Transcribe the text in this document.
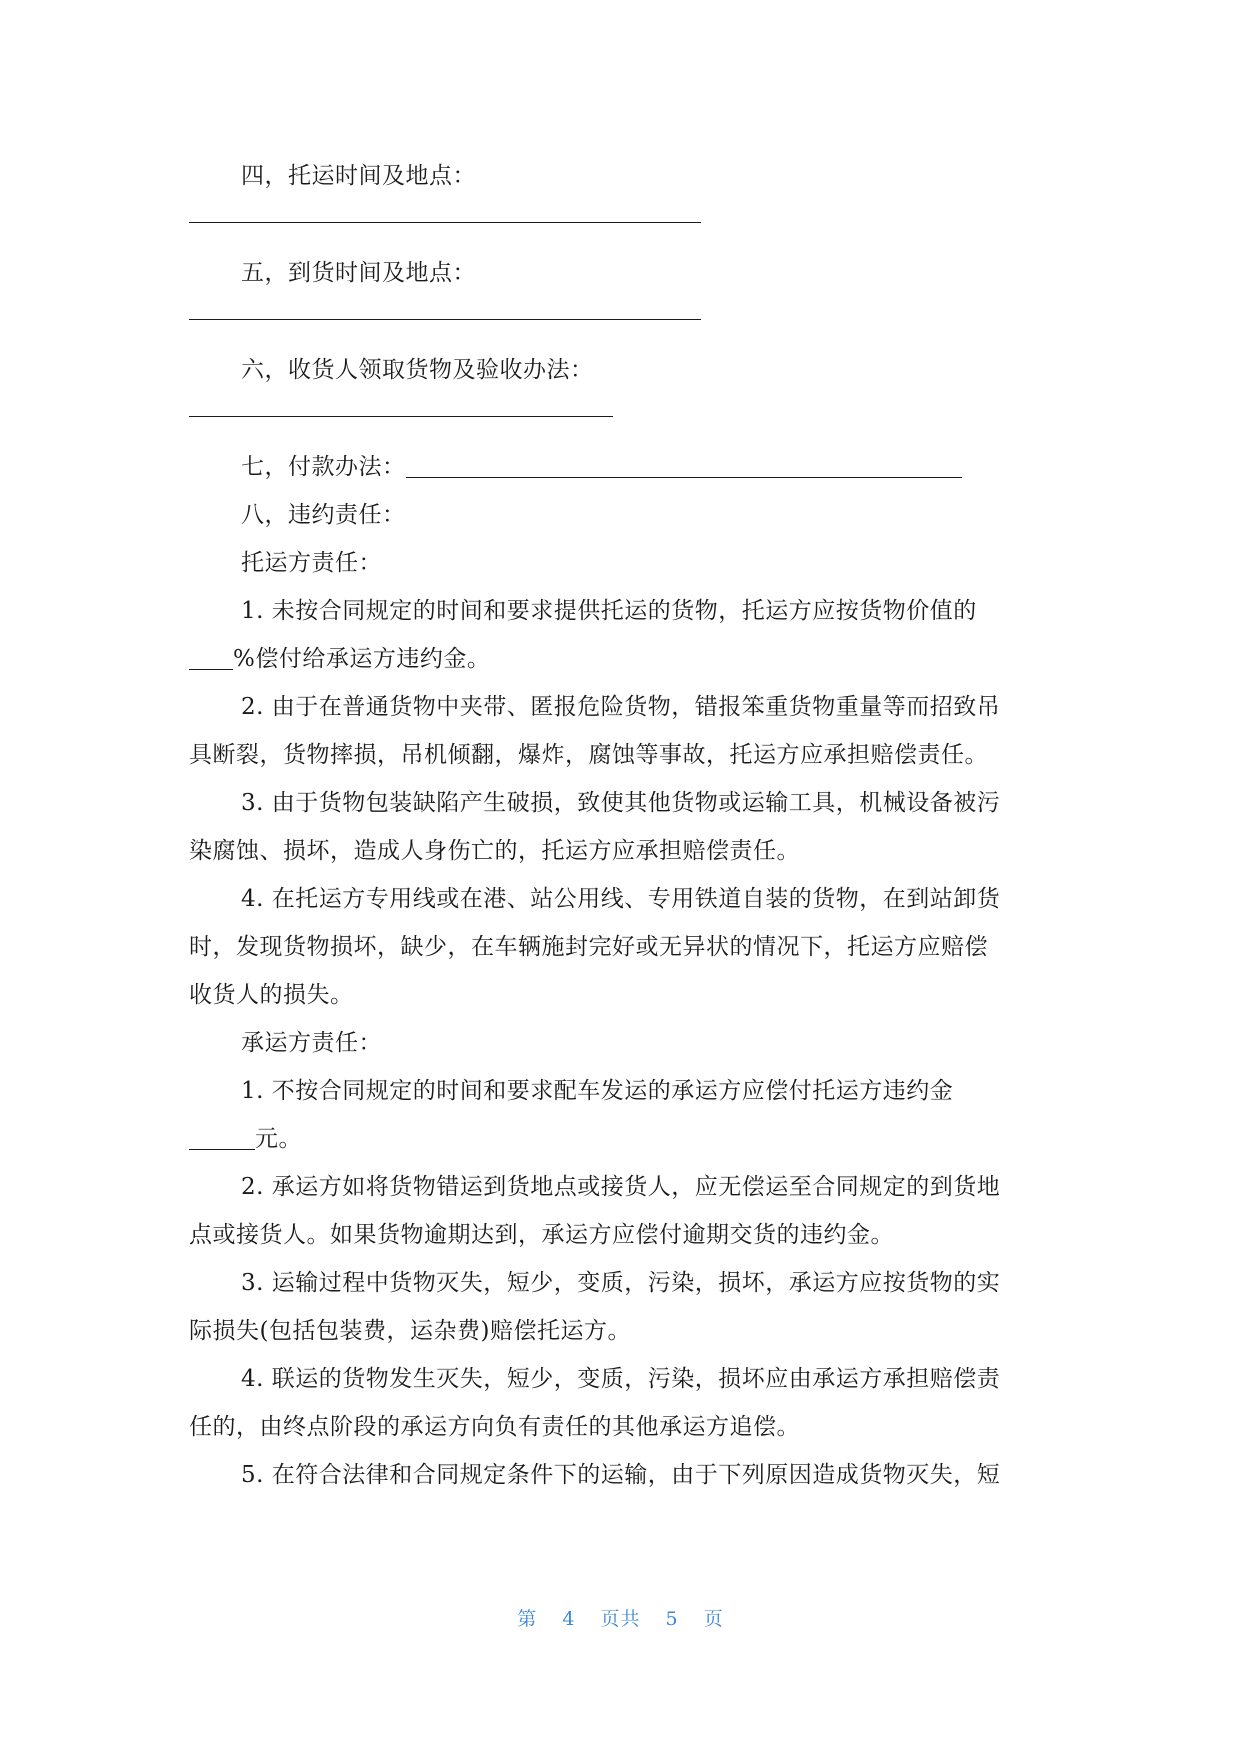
四，托运时间及地点：
五，到货时间及地点：
六，收货人领取货物及验收办法：
七，付款办法：
八，违约责任：
托运方责任：
1. 未按合同规定的时间和要求提供托运的货物，托运方应按货物价值的
%偿付给承运方违约金。
2. 由于在普通货物中夹带、匿报危险货物，错报笨重货物重量等而招致吊
具断裂，货物摔损，吊机倾翻，爆炸，腐蚀等事故，托运方应承担赔偿责任。
3. 由于货物包装缺陷产生破损，致使其他货物或运输工具，机械设备被污
染腐蚀、损坏，造成人身伤亡的，托运方应承担赔偿责任。
4. 在托运方专用线或在港、站公用线、专用铁道自装的货物，在到站卸货
时，发现货物损坏，缺少，在车辆施封完好或无异状的情况下，托运方应赔偿
收货人的损失。
承运方责任：
1. 不按合同规定的时间和要求配车发运的承运方应偿付托运方违约金
元。
2. 承运方如将货物错运到货地点或接货人，应无偿运至合同规定的到货地
点或接货人。如果货物逾期达到，承运方应偿付逾期交货的违约金。
3. 运输过程中货物灭失，短少，变质，污染，损坏，承运方应按货物的实
际损失(包括包装费，运杂费)赔偿托运方。
4. 联运的货物发生灭失，短少，变质，污染，损坏应由承运方承担赔偿责
任的，由终点阶段的承运方向负有责任的其他承运方追偿。
5. 在符合法律和合同规定条件下的运输，由于下列原因造成货物灭失，短
第 4 页共 5 页
